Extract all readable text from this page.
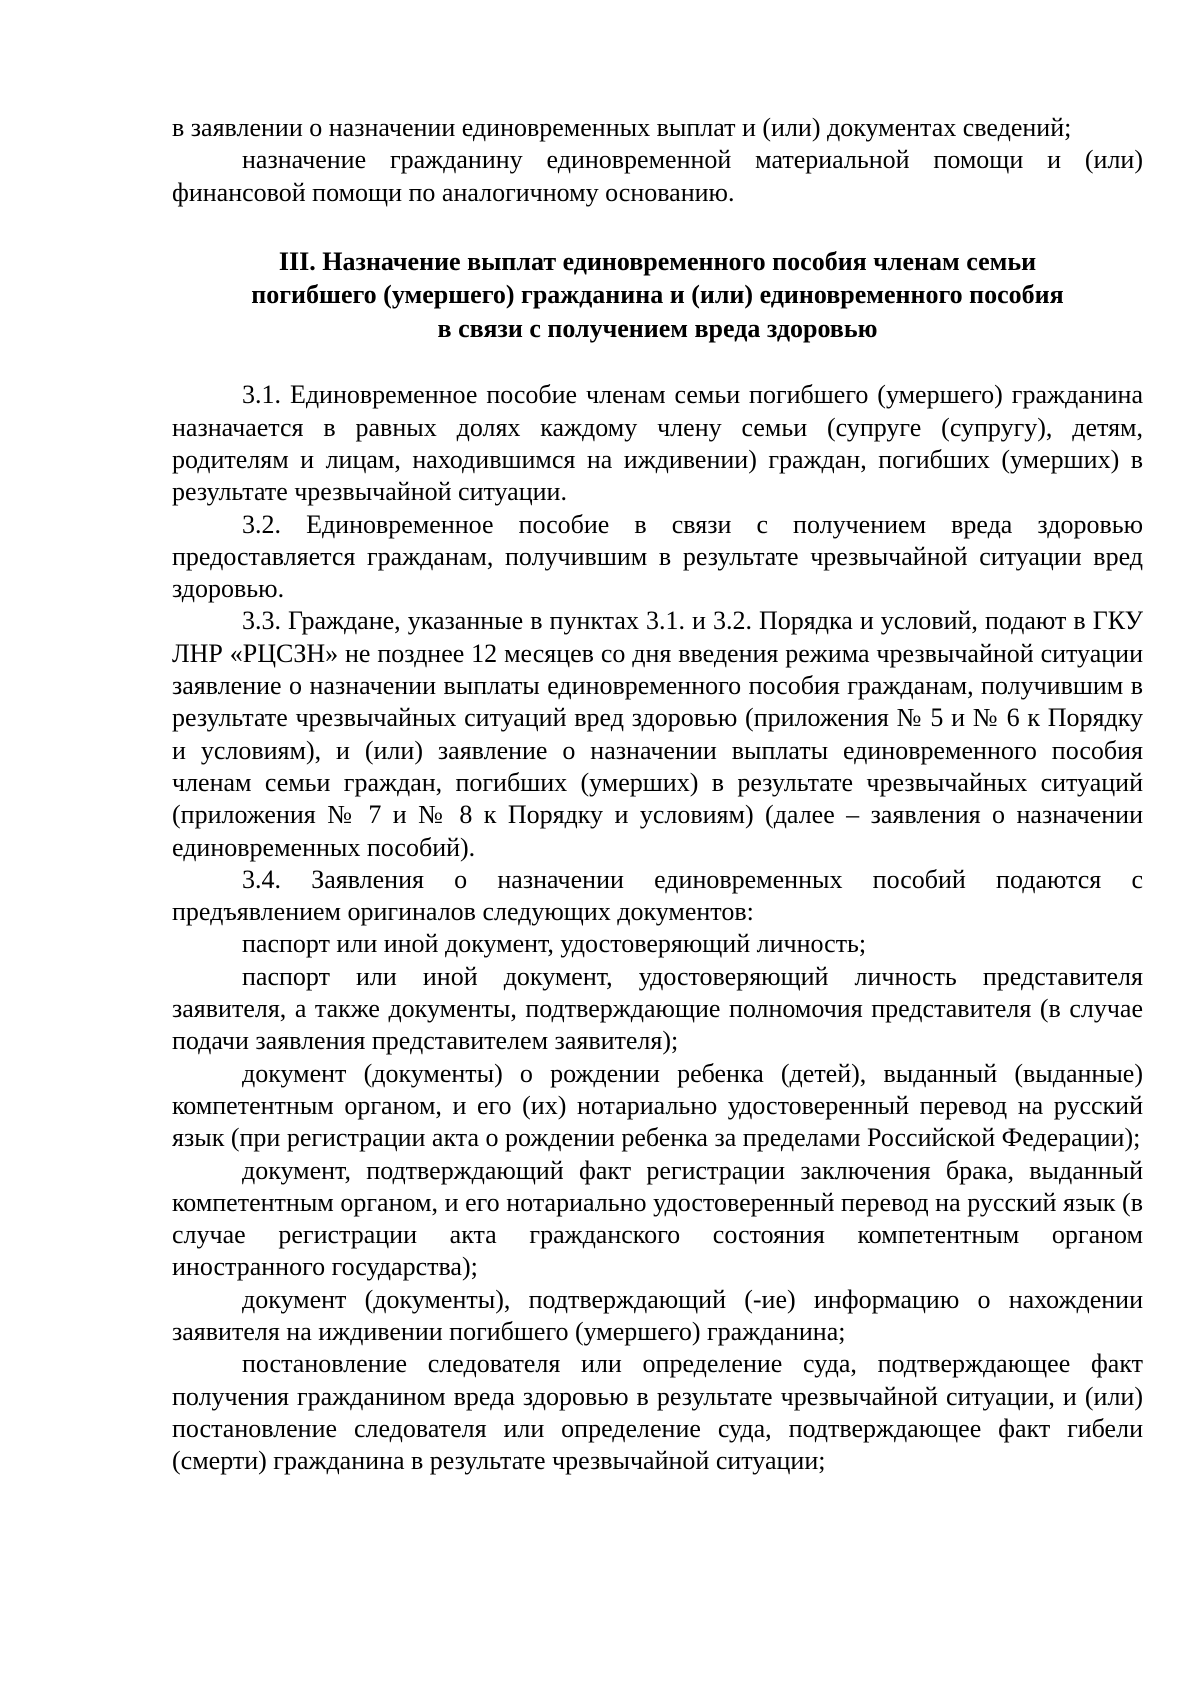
в заявлении о назначении единовременных выплат и (или) документах сведений;

назначение гражданину единовременной материальной помощи и (или) финансовой помощи по аналогичному основанию.

III. Назначение выплат единовременного пособия членам семьи
погибшего (умершего) гражданина и (или) единовременного пособия
в связи с получением вреда здоровью

3.1. Единовременное пособие членам семьи погибшего (умершего) гражданина назначается в равных долях каждому члену семьи (супруге (супругу), детям, родителям и лицам, находившимся на иждивении) граждан, погибших (умерших) в результате чрезвычайной ситуации.

3.2. Единовременное пособие в связи с получением вреда здоровью предоставляется гражданам, получившим в результате чрезвычайной ситуации вред здоровью.

3.3. Граждане, указанные в пунктах 3.1. и 3.2. Порядка и условий, подают в ГКУ ЛНР «РЦСЗН» не позднее 12 месяцев со дня введения режима чрезвычайной ситуации заявление о назначении выплаты единовременного пособия гражданам, получившим в результате чрезвычайных ситуаций вред здоровью (приложения № 5 и № 6 к Порядку и условиям), и (или) заявление о назначении выплаты единовременного пособия членам семьи граждан, погибших (умерших) в результате чрезвычайных ситуаций (приложения № 7 и № 8 к Порядку и условиям) (далее – заявления о назначении единовременных пособий).

3.4. Заявления о назначении единовременных пособий подаются с предъявлением оригиналов следующих документов:

паспорт или иной документ, удостоверяющий личность;

паспорт или иной документ, удостоверяющий личность представителя заявителя, а также документы, подтверждающие полномочия представителя (в случае подачи заявления представителем заявителя);

документ (документы) о рождении ребенка (детей), выданный (выданные) компетентным органом, и его (их) нотариально удостоверенный перевод на русский язык (при регистрации акта о рождении ребенка за пределами Российской Федерации);

документ, подтверждающий факт регистрации заключения брака, выданный компетентным органом, и его нотариально удостоверенный перевод на русский язык (в случае регистрации акта гражданского состояния компетентным органом иностранного государства);

документ (документы), подтверждающий (-ие) информацию о нахождении заявителя на иждивении погибшего (умершего) гражданина;

постановление следователя или определение суда, подтверждающее факт получения гражданином вреда здоровью в результате чрезвычайной ситуации, и (или) постановление следователя или определение суда, подтверждающее факт гибели (смерти) гражданина в результате чрезвычайной ситуации;
